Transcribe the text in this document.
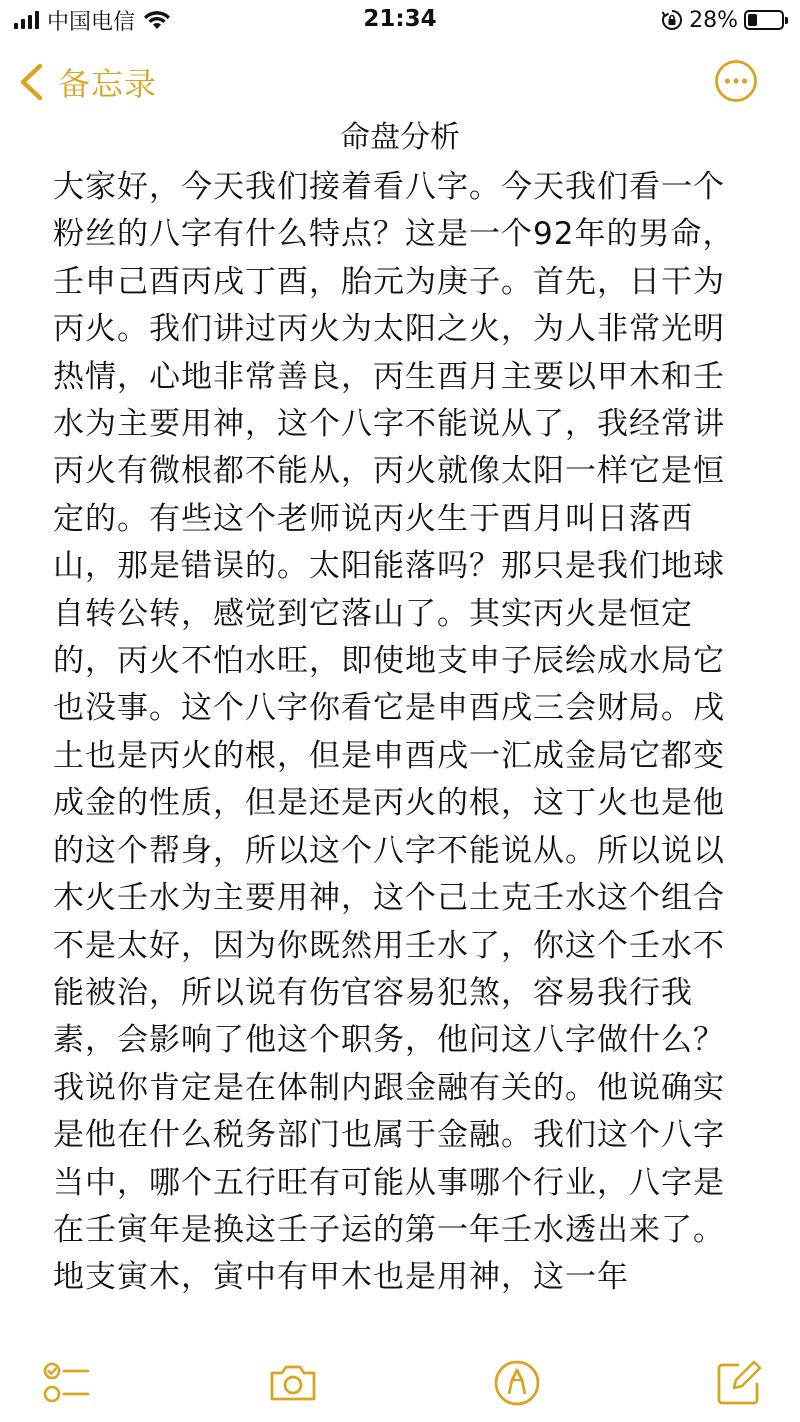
中国电信	21:34	28%
备忘录
命盘分析
大家好，今天我们接着看八字。今天我们看一个粉丝的八字有什么特点？这是一个92年的男命，壬申己酉丙戌丁酉，胎元为庚子。首先，日干为丙火。我们讲过丙火为太阳之火，为人非常光明热情，心地非常善良，丙生酉月主要以甲木和壬水为主要用神，这个八字不能说从了，我经常讲丙火有微根都不能从，丙火就像太阳一样它是恒定的。有些这个老师说丙火生于酉月叫日落西山，那是错误的。太阳能落吗？那只是我们地球自转公转，感觉到它落山了。其实丙火是恒定的，丙火不怕水旺，即使地支申子辰绘成水局它也没事。这个八字你看它是申酉戌三会财局。戌土也是丙火的根，但是申酉戌一汇成金局它都变成金的性质，但是还是丙火的根，这丁火也是他的这个帮身，所以这个八字不能说从。所以说以木火壬水为主要用神，这个己土克壬水这个组合不是太好，因为你既然用壬水了，你这个壬水不能被治，所以说有伤官容易犯煞，容易我行我素，会影响了他这个职务，他问这八字做什么？我说你肯定是在体制内跟金融有关的。他说确实是他在什么税务部门也属于金融。我们这个八字当中，哪个五行旺有可能从事哪个行业，八字是在壬寅年是换这壬子运的第一年壬水透出来了。地支寅木，寅中有甲木也是用神，这一年
